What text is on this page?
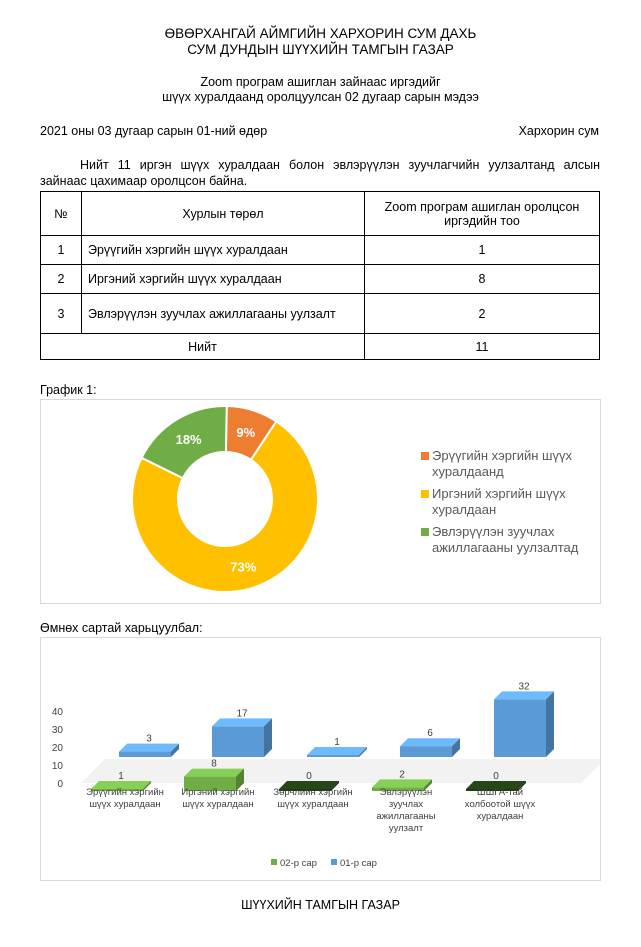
ӨВӨРХАНГАЙ АЙМГИЙН ХАРХОРИН СУМ ДАХЬ
СУМ ДУНДЫН ШҮҮХИЙН ТАМГЫН ГАЗАР
Zoom програм ашиглан зайнаас иргэдийг
шүүх хуралдаанд оролцуулсан 02 дугаар сарын мэдээ
2021 оны 03 дугаар сарын 01-ний өдөр	Хархорин сум
Нийт 11 иргэн шүүх хуралдаан болон эвлэрүүлэн зуучлагчийн уулзалтанд алсын зайнаас цахимаар оролцсон байна.
№	Хурлын төрөл	Zoom програм ашиглан оролцсон иргэдийн тоо
1	Эрүүгийн хэргийн шүүх хуралдаан	1
2	Иргэний хэргийн шүүх хуралдаан	8
3	Эвлэрүүлэн зуучлах ажиллагааны уулзалт	2
Нийт		11
График 1:
9%
73%
18%
Эрүүгийн хэргийн шүүх хуралдаанд
Иргэний хэргийн шүүх хуралдаан
Эвлэрүүлэн зуучлах ажиллагааны уулзалтад
Өмнөх сартай харьцуулбал:
0
10
20
30
40
3
17
1
6
32
1
8
0	2	0
Эрүүгийн хэргийн шүүх хуралдаан
Иргэний хэргийн шүүх хуралдаан
Зөрчлийн хэргийн шүүх хуралдаан
Эвлэрүүлэн зуучлах ажиллагааны уулзалт
ШШГА-тай холбоотой шүүх хуралдаан
02-р сар 01-р сар
ШҮҮХИЙН ТАМГЫН ГАЗАР
